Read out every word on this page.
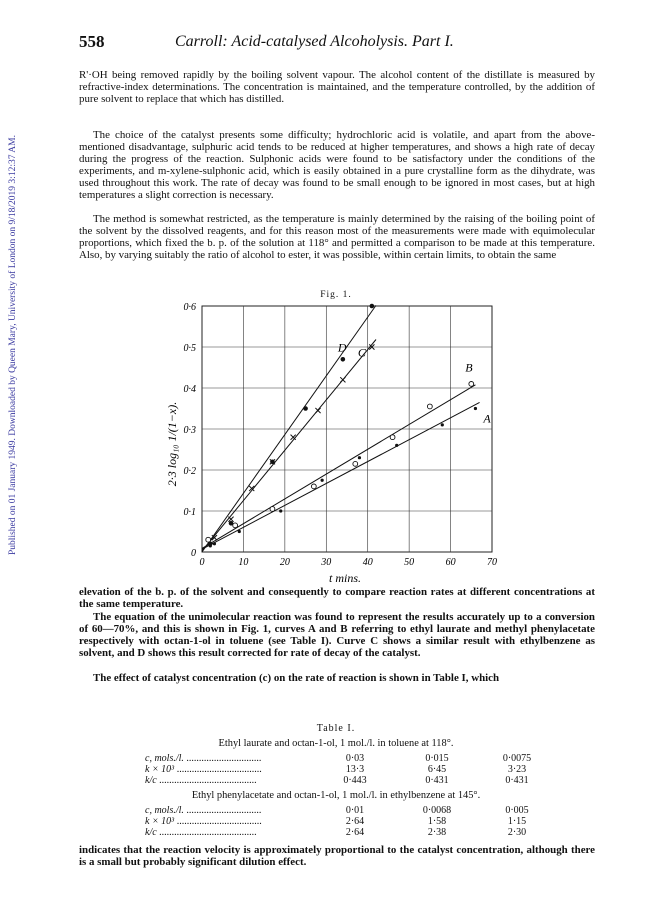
Published on 01 January 1949. Downloaded by Queen Mary, University of London on 9/18/2019 3:12:37 AM.
558	Carroll: Acid-catalysed Alcoholysis. Part I.

R'·OH being removed rapidly by the boiling solvent vapour. The alcohol content of the distillate is measured by refractive-index determinations. The concentration is maintained, and the temperature controlled, by the addition of pure solvent to replace that which has distilled.

The choice of the catalyst presents some difficulty; hydrochloric acid is volatile, and apart from the above-mentioned disadvantage, sulphuric acid tends to be reduced at higher temperatures, and shows a high rate of decay during the progress of the reaction. Sulphonic acids were found to be satisfactory under the conditions of the experiments, and m-xylene-sulphonic acid, which is easily obtained in a pure crystalline form as the dihydrate, was used throughout this work. The rate of decay was found to be small enough to be ignored in most cases, but at high temperatures a slight correction is necessary.

The method is somewhat restricted, as the temperature is mainly determined by the raising of the boiling point of the solvent by the dissolved reagents, and for this reason most of the measurements were made with equimolecular proportions, which fixed the b. p. of the solution at 118° and permitted a comparison to be made at this temperature. Also, by varying suitably the ratio of alcohol to ester, it was possible, within certain limits, to obtain the same

Fig. 1.
A
B
C
D
0	10	20	30	40	50	60	70
0
0·1
0·2
0·3
0·4
0·5
0·6
2·3 log₁₀ 1/(1−x).
t mins.

elevation of the b. p. of the solvent and consequently to compare reaction rates at different concentrations at the same temperature.

The equation of the unimolecular reaction was found to represent the results accurately up to a conversion of 60—70%, and this is shown in Fig. 1, curves A and B referring to ethyl laurate and methyl phenylacetate respectively with octan-1-ol in toluene (see Table I). Curve C shows a similar result with ethylbenzene as solvent, and D shows this result corrected for rate of decay of the catalyst.

The effect of catalyst concentration (c) on the rate of reaction is shown in Table I, which

Table I.
Ethyl laurate and octan-1-ol, 1 mol./l. in toluene at 118°.
c, mols./l. ..............................	0·03	0·015	0·0075
k × 10³ ..................................	13·3	6·45	3·23
k/c .......................................	0·443	0·431	0·431
Ethyl phenylacetate and octan-1-ol, 1 mol./l. in ethylbenzene at 145°.
c, mols./l. ..............................	0·01	0·0068	0·005
k × 10³ ..................................	2·64	1·58	1·15
k/c .......................................	2·64	2·38	2·30

indicates that the reaction velocity is approximately proportional to the catalyst concentration, although there is a small but probably significant dilution effect.
